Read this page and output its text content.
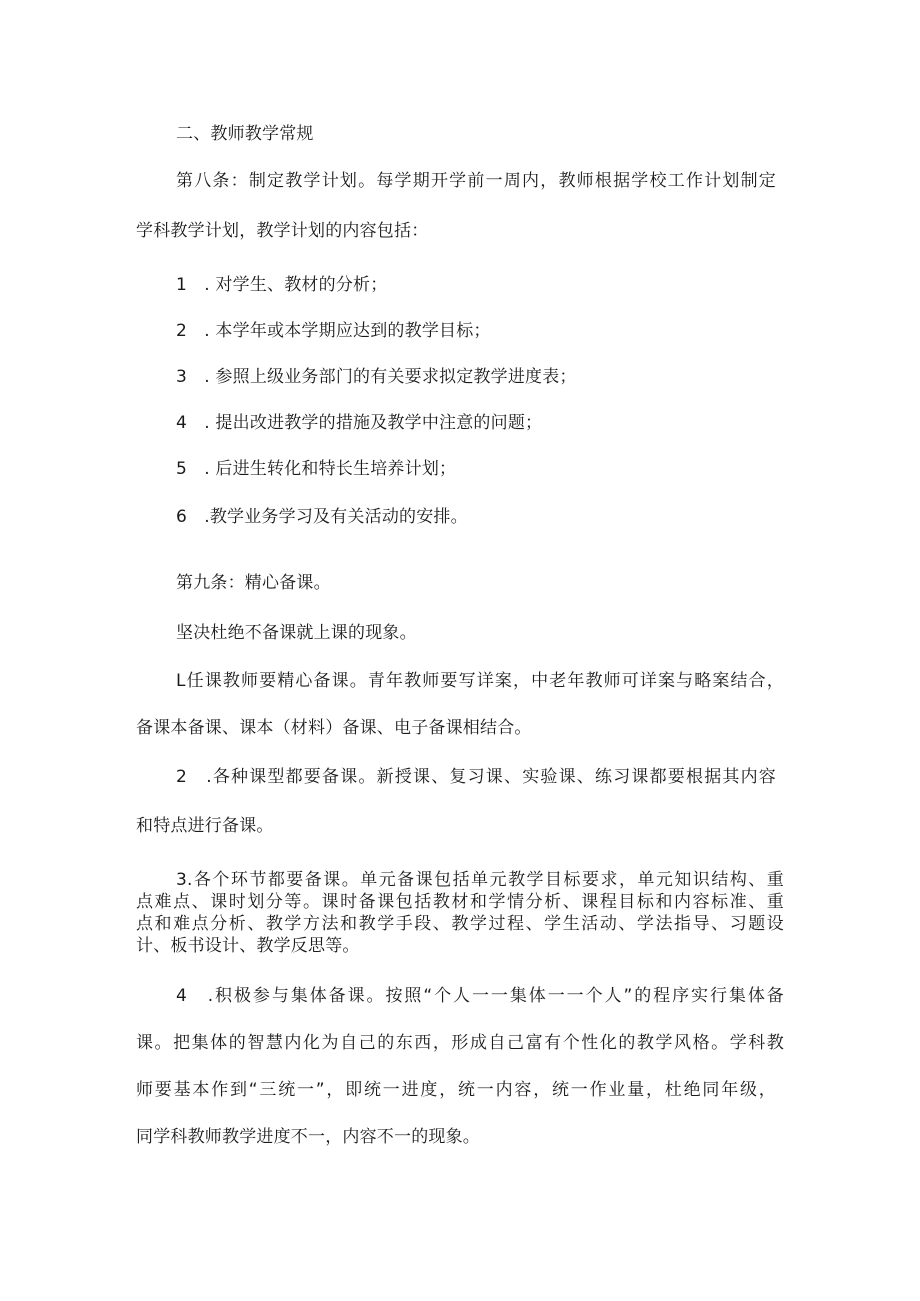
二、教师教学常规
第八条：制定教学计划。每学期开学前一周内，教师根据学校工作计划制定
学科教学计划，教学计划的内容包括：
1　. 对学生、教材的分析；
2　. 本学年或本学期应达到的教学目标；
3　. 参照上级业务部门的有关要求拟定教学进度表；
4　. 提出改进教学的措施及教学中注意的问题；
5　. 后进生转化和特长生培养计划；
6　.教学业务学习及有关活动的安排。
第九条：精心备课。
坚决杜绝不备课就上课的现象。
L任课教师要精心备课。青年教师要写详案，中老年教师可详案与略案结合，
备课本备课、课本（材料）备课、电子备课相结合。
2　.各种课型都要备课。新授课、复习课、实验课、练习课都要根据其内容
和特点进行备课。
3.各个环节都要备课。单元备课包括单元教学目标要求，单元知识结构、重
点难点、课时划分等。课时备课包括教材和学情分析、课程目标和内容标准、重
点和难点分析、教学方法和教学手段、教学过程、学生活动、学法指导、习题设
计、板书设计、教学反思等。
4　.积极参与集体备课。按照“个人一一集体一一个人”的程序实行集体备
课。把集体的智慧内化为自己的东西，形成自己富有个性化的教学风格。学科教
师要基本作到“三统一”，即统一进度，统一内容，统一作业量，杜绝同年级，
同学科教师教学进度不一，内容不一的现象。
